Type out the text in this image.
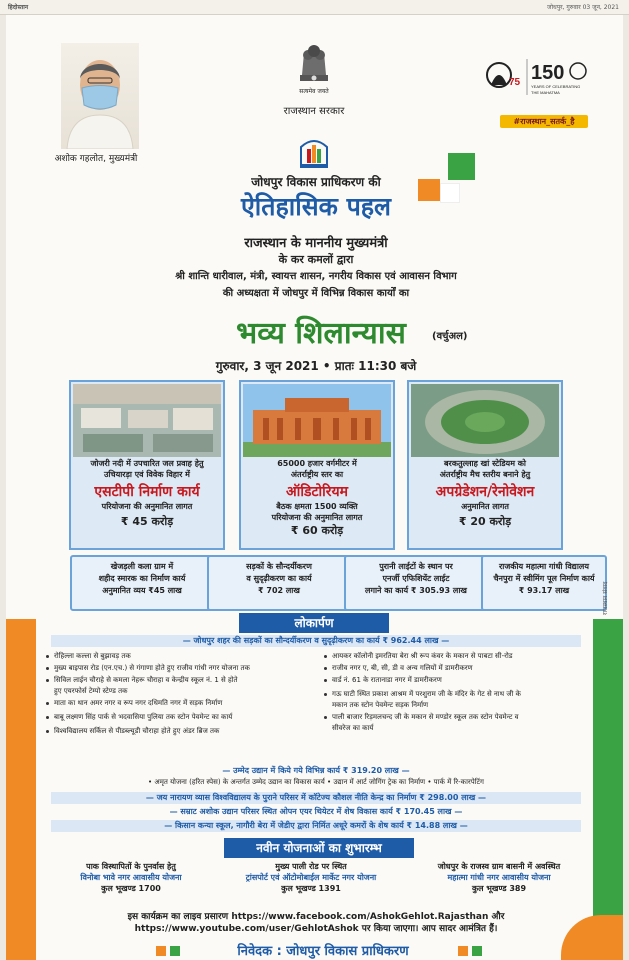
हिदोस्तान	जोधपुर, गुरुवार 03 जून, 2021
अशोक गहलोत, मुख्यमंत्री
सत्यमेव जयते
राजस्थान सरकार
75 150
YEARS OF CELEBRATING
THE MAHATMA
#राजस्थान_सतर्क_है
जोधपुर विकास प्राधिकरण की
ऐतिहासिक पहल
राजस्थान के माननीय मुख्यमंत्री
के कर कमलों द्वारा
श्री शान्ति धारीवाल, मंत्री, स्वायत्त शासन, नगरीय विकास एवं आवासन विभाग
की अध्यक्षता में जोधपुर में विभिन्न विकास कार्यों का
भव्य शिलान्यास	(वर्चुअल)
गुरुवार, 3 जून 2021 • प्रातः 11:30 बजे
जोजरी नदी में उपचारित जल प्रवाह हेतु
उचियारड़ा एवं विवेक विहार में
एसटीपी निर्माण कार्य
परियोजना की अनुमानित लागत
₹ 45 करोड़
65000 हजार वर्गमीटर में
अंतर्राष्ट्रीय स्तर का
ऑडिटोरियम
बैठक क्षमता 1500 व्यक्ति
परियोजना की अनुमानित लागत
₹ 60 करोड़
बरकतुल्लाह खां स्टेडियम को
अंतर्राष्ट्रीय मैच स्तरीय बनाने हेतु
अपग्रेडेशन/रेनोवेशन
अनुमानित लागत
₹ 20 करोड़
खेजड़ली कला ग्राम में
शहीद स्मारक का निर्माण कार्य
अनुमानित व्यय ₹45 लाख
सड़कों के सौन्दर्यीकरण
व सुदृढ़ीकरण का कार्य
₹ 702 लाख
पुरानी लाईटों के स्थान पर
एनर्जी एफिशियेंट लाईट
लगाने का कार्य ₹ 305.93 लाख
राजकीय महात्मा गांधी विद्यालय
चैनपुरा में स्वीमिंग पूल निर्माण कार्य
₹ 93.17 लाख	राजस्थान संवाद
लोकार्पण
— जोधपुर शहर की सड़कों का सौन्दर्यीकरण व सुदृढ़ीकरण का कार्य ₹ 962.44 लाख —
रोहिल्ला कल्ला से बुझावड़ तक
मुख्य बाइपास रोड (एन.एच.) से गंगाणा होते हुए राजीव गांधी नगर योजना तक
सिविल लाईन चौराहे से कमला नेहरू चौराहा व केन्द्रीय स्कूल नं. 1 से होते
हुए एयरफोर्स टेम्पो स्टेण्ड तक
माता का थान अमर नगर व रूप नगर दधिमति नगर में सड़क निर्माण
बाबू लक्ष्मण सिंह पार्क से भदवासिया पुलिया तक स्टोन पेवमेन्ट का कार्य
विश्वविद्यालय सर्किल से पीडब्ल्यूडी चौराहा होते हुए अंडर ब्रिज तक
आयकर कॉलोनी इमरतिया बेरा श्री रूप कंवर के मकान से पाबटा सी-रोड
राजीव नगर ए, बी, सी, डी व अन्य गलियों में डामरीकरण
वार्ड नं. 61 के रातानाडा नगर में डामरीकरण
गऊ घाटी स्थित प्रकाश आश्रम में परशुराम जी के मंदिर के गेट से नाथ जी के
मकान तक स्टोन पेवमेन्ट सड़क निर्माण
पाली बाजार रिड़मलचन्द जी के मकान से मण्डोर स्कूल तक स्टोन पेवमेन्ट व
सीवरेज का कार्य
— उम्मेद उद्यान में किये गये विभिन्न कार्य ₹ 319.20 लाख —
• अमृत योजना (हरित स्पेस) के अन्तर्गत उम्मेद उद्यान का विकास कार्य • उद्यान में आर्ट जोगिंग ट्रेक का निर्माण • पार्क में रि-कारपेटिंग
— जय नारायण व्यास विश्वविद्यालय के पुराने परिसर में कॉटेज्य कौशल नीति केन्द्र का निर्माण ₹ 298.00 लाख —
— सम्राट अशोक उद्यान परिसर स्थित ओपन एयर थियेटर में शेष विकास कार्य ₹ 170.45 लाख —
— किसान कन्या स्कूल, नागौरी बेरा में जेडीए द्वारा निर्मित अधूरे कमरों के शेष कार्य ₹ 14.88 लाख —
नवीन योजनाओं का शुभारम्भ
पाक विस्थापितों के पुनर्वास हेतु
विनोबा भावे नगर आवासीय योजना
कुल भूखण्ड 1700
मुख्य पाली रोड पर स्थित
ट्रांसपोर्ट एवं ऑटोमोबाईल मार्केट नगर योजना
कुल भूखण्ड 1391
जोधपुर के राजस्व ग्राम बासनी में अवस्थित
महात्मा गांधी नगर आवासीय योजना
कुल भूखण्ड 389
इस कार्यक्रम का लाइव प्रसारण https://www.facebook.com/AshokGehlot.Rajasthan और
https://www.youtube.com/user/GehlotAshok पर किया जाएगा। आप सादर आमंत्रित हैं।
निवेदक : जोधपुर विकास प्राधिकरण
